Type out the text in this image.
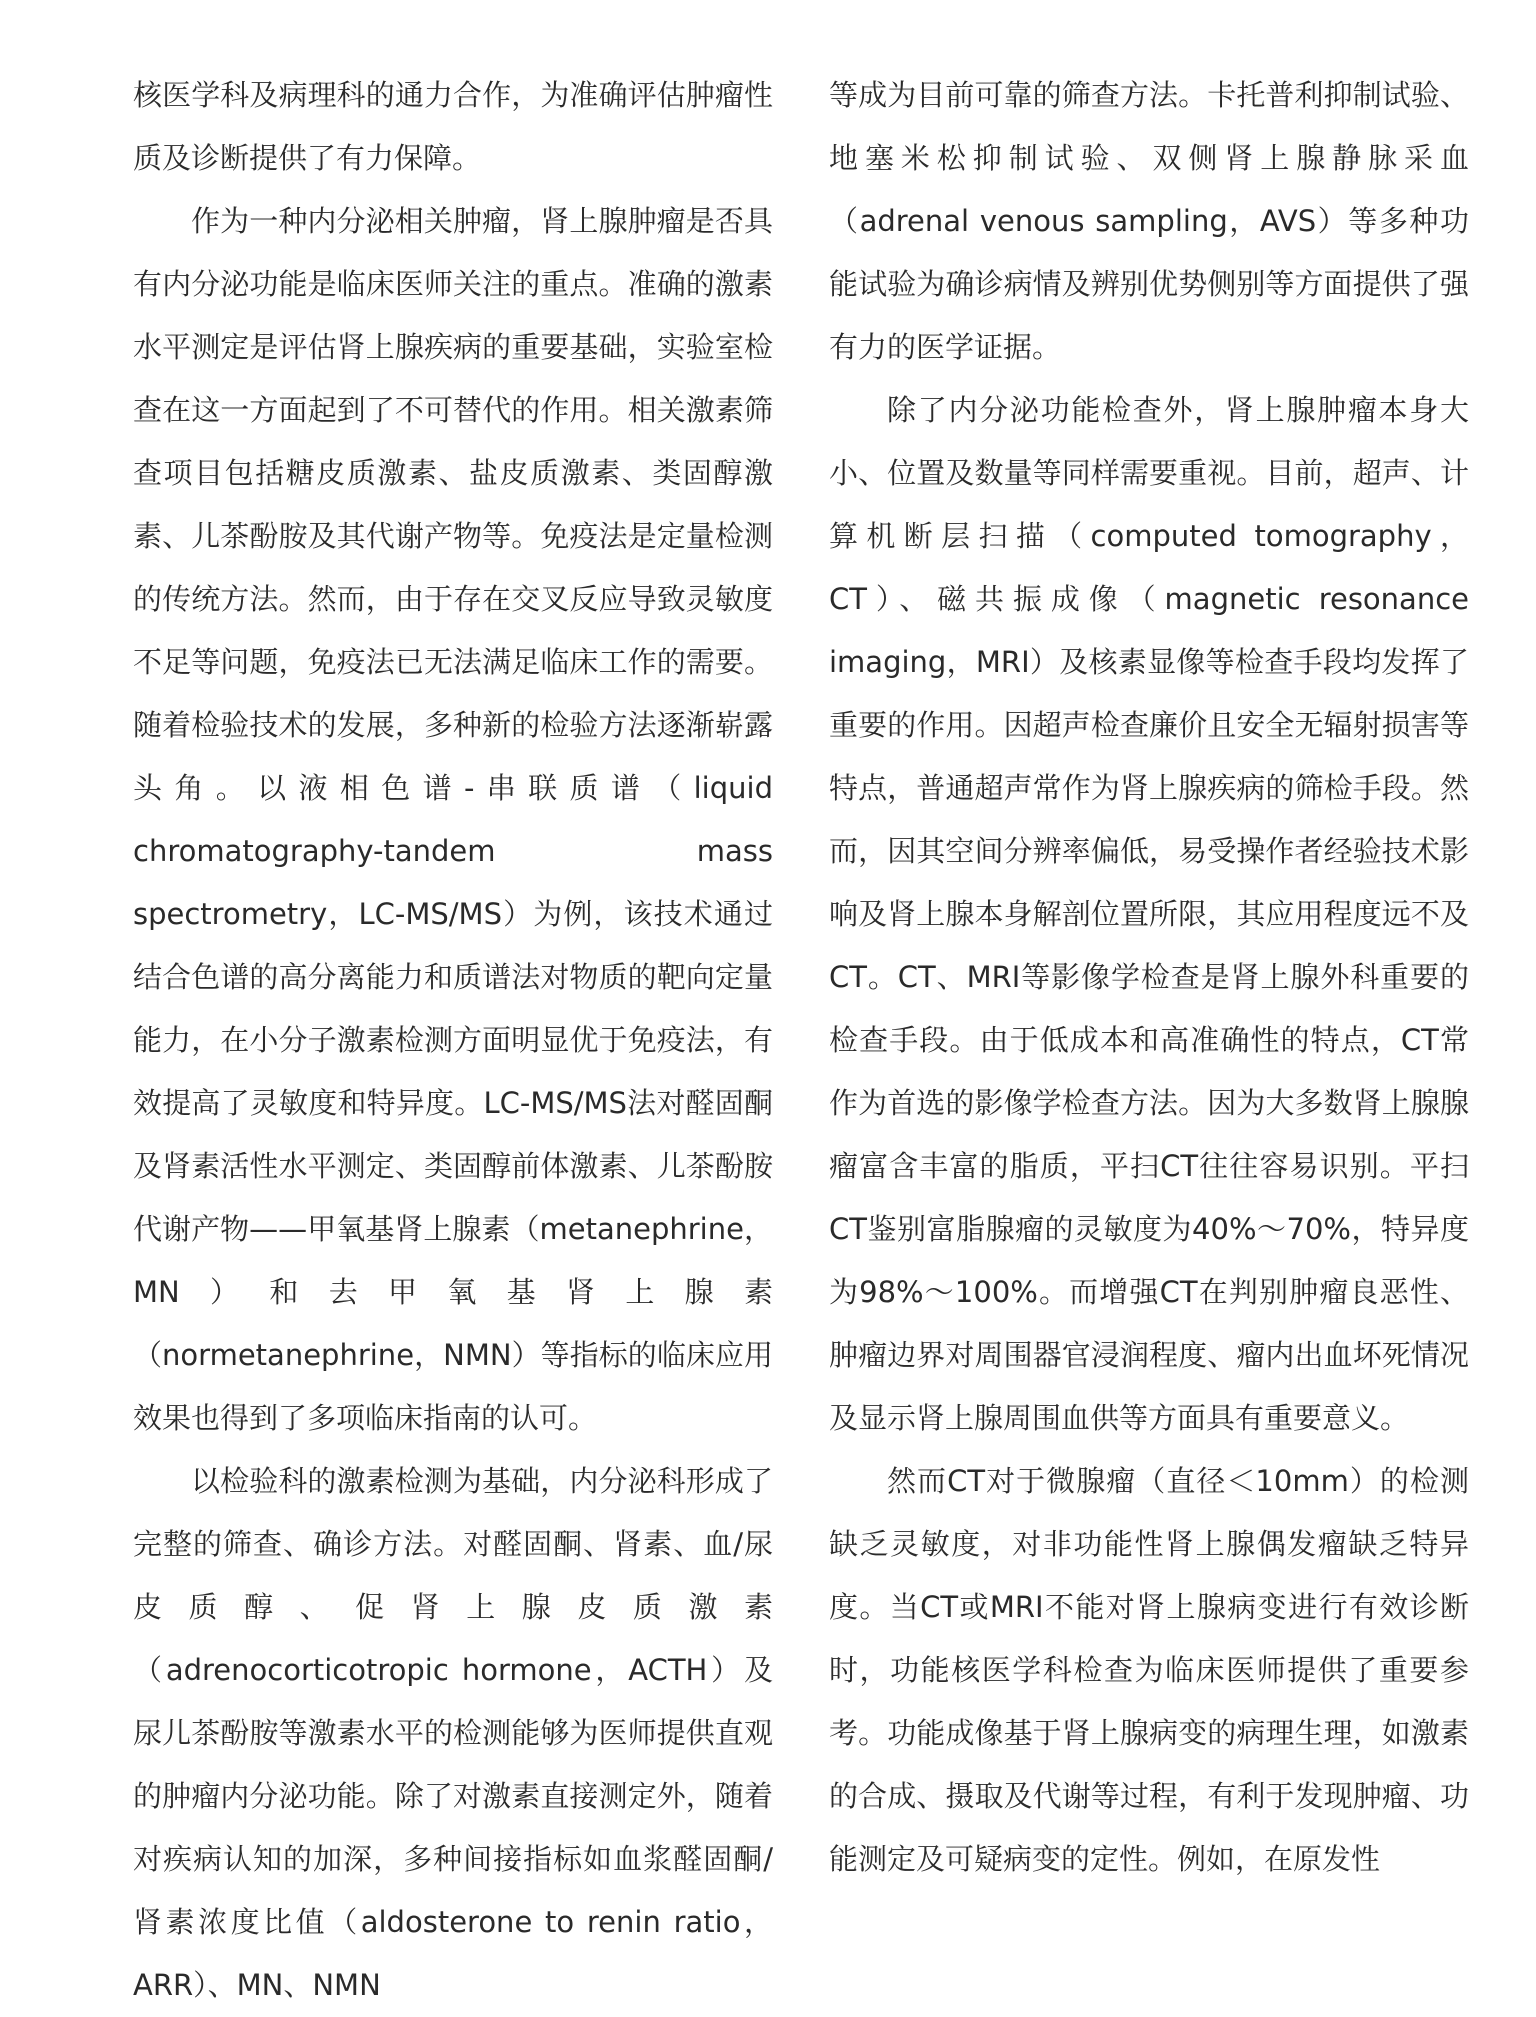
核医学科及病理科的通力合作，为准确评估肿瘤性质及诊断提供了有力保障。

作为一种内分泌相关肿瘤，肾上腺肿瘤是否具有内分泌功能是临床医师关注的重点。准确的激素水平测定是评估肾上腺疾病的重要基础，实验室检查在这一方面起到了不可替代的作用。相关激素筛查项目包括糖皮质激素、盐皮质激素、类固醇激素、儿茶酚胺及其代谢产物等。免疫法是定量检测的传统方法。然而，由于存在交叉反应导致灵敏度不足等问题，免疫法已无法满足临床工作的需要。随着检验技术的发展，多种新的检验方法逐渐崭露头角。以液相色谱-串联质谱（liquid chromatography-tandem mass spectrometry，LC-MS/MS）为例，该技术通过结合色谱的高分离能力和质谱法对物质的靶向定量能力，在小分子激素检测方面明显优于免疫法，有效提高了灵敏度和特异度。LC-MS/MS法对醛固酮及肾素活性水平测定、类固醇前体激素、儿茶酚胺代谢产物——甲氧基肾上腺素（metanephrine，MN）和去甲氧基肾上腺素（normetanephrine，NMN）等指标的临床应用效果也得到了多项临床指南的认可。

以检验科的激素检测为基础，内分泌科形成了完整的筛查、确诊方法。对醛固酮、肾素、血/尿皮质醇、促肾上腺皮质激素（adrenocorticotropic hormone，ACTH）及尿儿茶酚胺等激素水平的检测能够为医师提供直观的肿瘤内分泌功能。除了对激素直接测定外，随着对疾病认知的加深，多种间接指标如血浆醛固酮/肾素浓度比值（aldosterone to renin ratio，ARR）、MN、NMN

等成为目前可靠的筛查方法。卡托普利抑制试验、地塞米松抑制试验、双侧肾上腺静脉采血（adrenal venous sampling，AVS）等多种功能试验为确诊病情及辨别优势侧别等方面提供了强有力的医学证据。

除了内分泌功能检查外，肾上腺肿瘤本身大小、位置及数量等同样需要重视。目前，超声、计算机断层扫描（computed tomography，CT）、磁共振成像（magnetic resonance imaging，MRI）及核素显像等检查手段均发挥了重要的作用。因超声检查廉价且安全无辐射损害等特点，普通超声常作为肾上腺疾病的筛检手段。然而，因其空间分辨率偏低，易受操作者经验技术影响及肾上腺本身解剖位置所限，其应用程度远不及CT。CT、MRI等影像学检查是肾上腺外科重要的检查手段。由于低成本和高准确性的特点，CT常作为首选的影像学检查方法。因为大多数肾上腺腺瘤富含丰富的脂质，平扫CT往往容易识别。平扫CT鉴别富脂腺瘤的灵敏度为40%～70%，特异度为98%～100%。而增强CT在判别肿瘤良恶性、肿瘤边界对周围器官浸润程度、瘤内出血坏死情况及显示肾上腺周围血供等方面具有重要意义。

然而CT对于微腺瘤（直径＜10mm）的检测缺乏灵敏度，对非功能性肾上腺偶发瘤缺乏特异度。当CT或MRI不能对肾上腺病变进行有效诊断时，功能核医学科检查为临床医师提供了重要参考。功能成像基于肾上腺病变的病理生理，如激素的合成、摄取及代谢等过程，有利于发现肿瘤、功能测定及可疑病变的定性。例如，在原发性
